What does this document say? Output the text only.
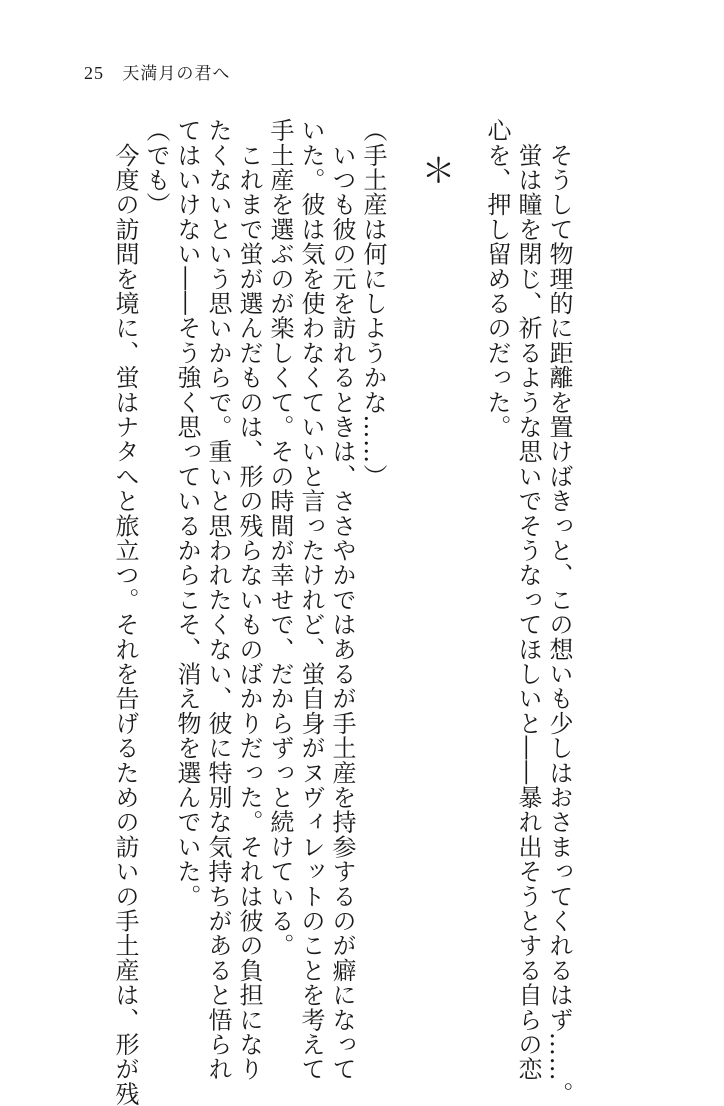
25 天満月の君へ
　そうして物理的に距離を置けばきっと、この想いも少しはおさまってくれるはず……。
　蛍は瞳を閉じ、祈るような思いでそうなってほしいと――暴れ出そうとする自らの恋
心を、押し留めるのだった。
　＊
（手土産は何にしようかな……）
　いつも彼の元を訪れるときは、ささやかではあるが手土産を持参するのが癖になって
いた。彼は気を使わなくていいと言ったけれど、蛍自身がヌヴィレットのことを考えて
手土産を選ぶのが楽しくて。その時間が幸せで、だからずっと続けている。
　これまで蛍が選んだものは、形の残らないものばかりだった。それは彼の負担になり
たくないという思いからで。重いと思われたくない、彼に特別な気持ちがあると悟られ
てはいけない――そう強く思っているからこそ、消え物を選んでいた。
（でも）
　今度の訪問を境に、蛍はナタへと旅立つ。それを告げるための訪いの手土産は、形が残
